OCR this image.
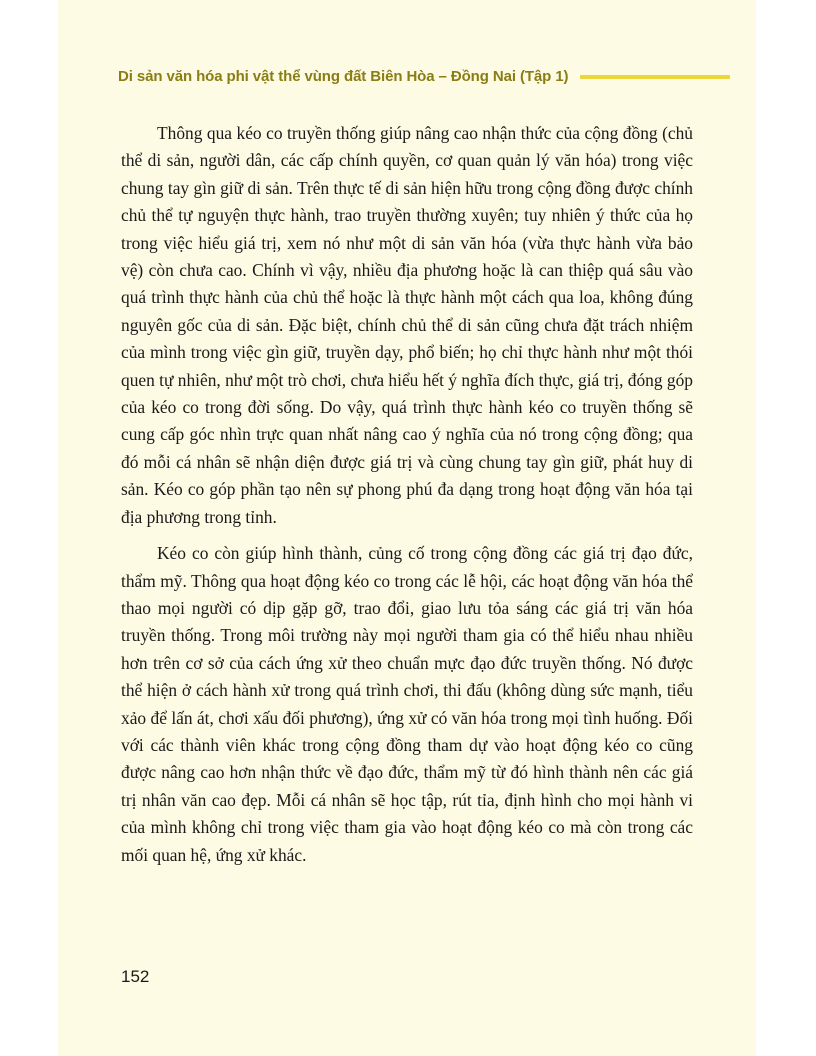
Di sản văn hóa phi vật thể vùng đất Biên Hòa – Đồng Nai (Tập 1)

Thông qua kéo co truyền thống giúp nâng cao nhận thức của cộng đồng (chủ thể di sản, người dân, các cấp chính quyền, cơ quan quản lý văn hóa) trong việc chung tay gìn giữ di sản. Trên thực tế di sản hiện hữu trong cộng đồng được chính chủ thể tự nguyện thực hành, trao truyền thường xuyên; tuy nhiên ý thức của họ trong việc hiểu giá trị, xem nó như một di sản văn hóa (vừa thực hành vừa bảo vệ) còn chưa cao. Chính vì vậy, nhiều địa phương hoặc là can thiệp quá sâu vào quá trình thực hành của chủ thể hoặc là thực hành một cách qua loa, không đúng nguyên gốc của di sản. Đặc biệt, chính chủ thể di sản cũng chưa đặt trách nhiệm của mình trong việc gìn giữ, truyền dạy, phổ biến; họ chỉ thực hành như một thói quen tự nhiên, như một trò chơi, chưa hiểu hết ý nghĩa đích thực, giá trị, đóng góp của kéo co trong đời sống. Do vậy, quá trình thực hành kéo co truyền thống sẽ cung cấp góc nhìn trực quan nhất nâng cao ý nghĩa của nó trong cộng đồng; qua đó mỗi cá nhân sẽ nhận diện được giá trị và cùng chung tay gìn giữ, phát huy di sản. Kéo co góp phần tạo nên sự phong phú đa dạng trong hoạt động văn hóa tại địa phương trong tỉnh.

Kéo co còn giúp hình thành, củng cố trong cộng đồng các giá trị đạo đức, thẩm mỹ. Thông qua hoạt động kéo co trong các lễ hội, các hoạt động văn hóa thể thao mọi người có dịp gặp gỡ, trao đổi, giao lưu tỏa sáng các giá trị văn hóa truyền thống. Trong môi trường này mọi người tham gia có thể hiểu nhau nhiều hơn trên cơ sở của cách ứng xử theo chuẩn mực đạo đức truyền thống. Nó được thể hiện ở cách hành xử trong quá trình chơi, thi đấu (không dùng sức mạnh, tiểu xảo để lấn át, chơi xấu đối phương), ứng xử có văn hóa trong mọi tình huống. Đối với các thành viên khác trong cộng đồng tham dự vào hoạt động kéo co cũng được nâng cao hơn nhận thức về đạo đức, thẩm mỹ từ đó hình thành nên các giá trị nhân văn cao đẹp. Mỗi cá nhân sẽ học tập, rút tỉa, định hình cho mọi hành vi của mình không chỉ trong việc tham gia vào hoạt động kéo co mà còn trong các mối quan hệ, ứng xử khác.

152
